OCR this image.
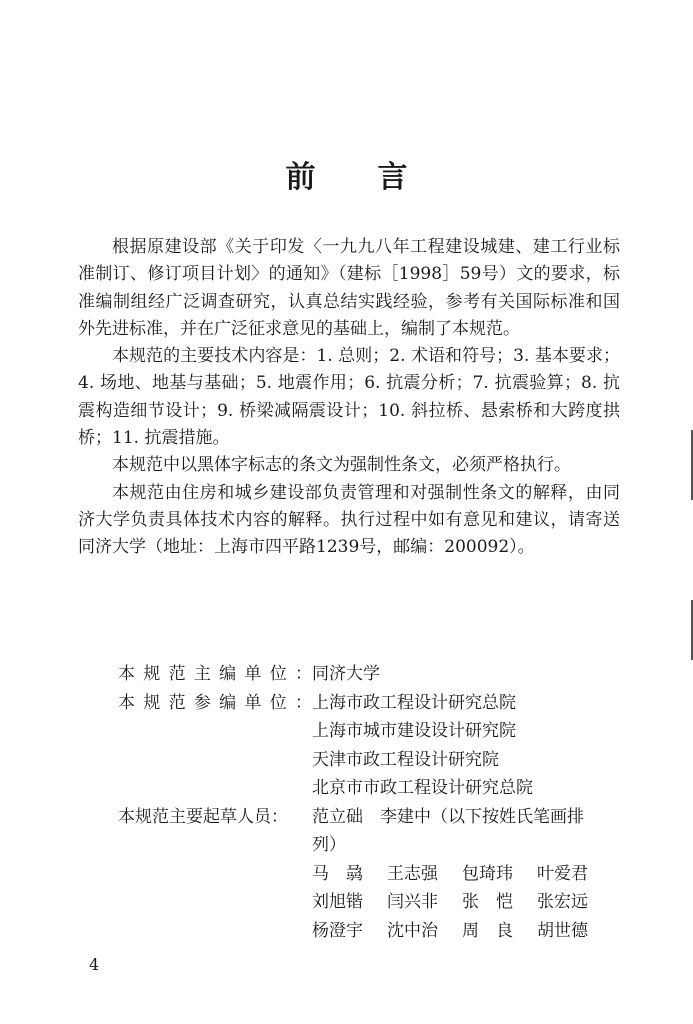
前言

根据原建设部《关于印发〈一九九八年工程建设城建、建工行业标准制订、修订项目计划〉的通知》（建标［1998］59号）文的要求，标准编制组经广泛调查研究，认真总结实践经验，参考有关国际标准和国外先进标准，并在广泛征求意见的基础上，编制了本规范。

本规范的主要技术内容是：1. 总则；2. 术语和符号；3. 基本要求；4. 场地、地基与基础；5. 地震作用；6. 抗震分析；7. 抗震验算；8. 抗震构造细节设计；9. 桥梁减隔震设计；10. 斜拉桥、悬索桥和大跨度拱桥；11. 抗震措施。

本规范中以黑体字标志的条文为强制性条文，必须严格执行。

本规范由住房和城乡建设部负责管理和对强制性条文的解释，由同济大学负责具体技术内容的解释。执行过程中如有意见和建议，请寄送同济大学（地址：上海市四平路1239号，邮编：200092）。

本规范主编单位： 同济大学
本规范参编单位： 上海市政工程设计研究总院
上海市城市建设设计研究院
天津市政工程设计研究院
北京市市政工程设计研究总院
本规范主要起草人员：	范立础　李建中（以下按姓氏笔画排
列）
马　骉	王志强	包琦玮	叶爱君
刘旭锴	闫兴非	张　恺	张宏远
杨澄宇	沈中治	周　良	胡世德
4
